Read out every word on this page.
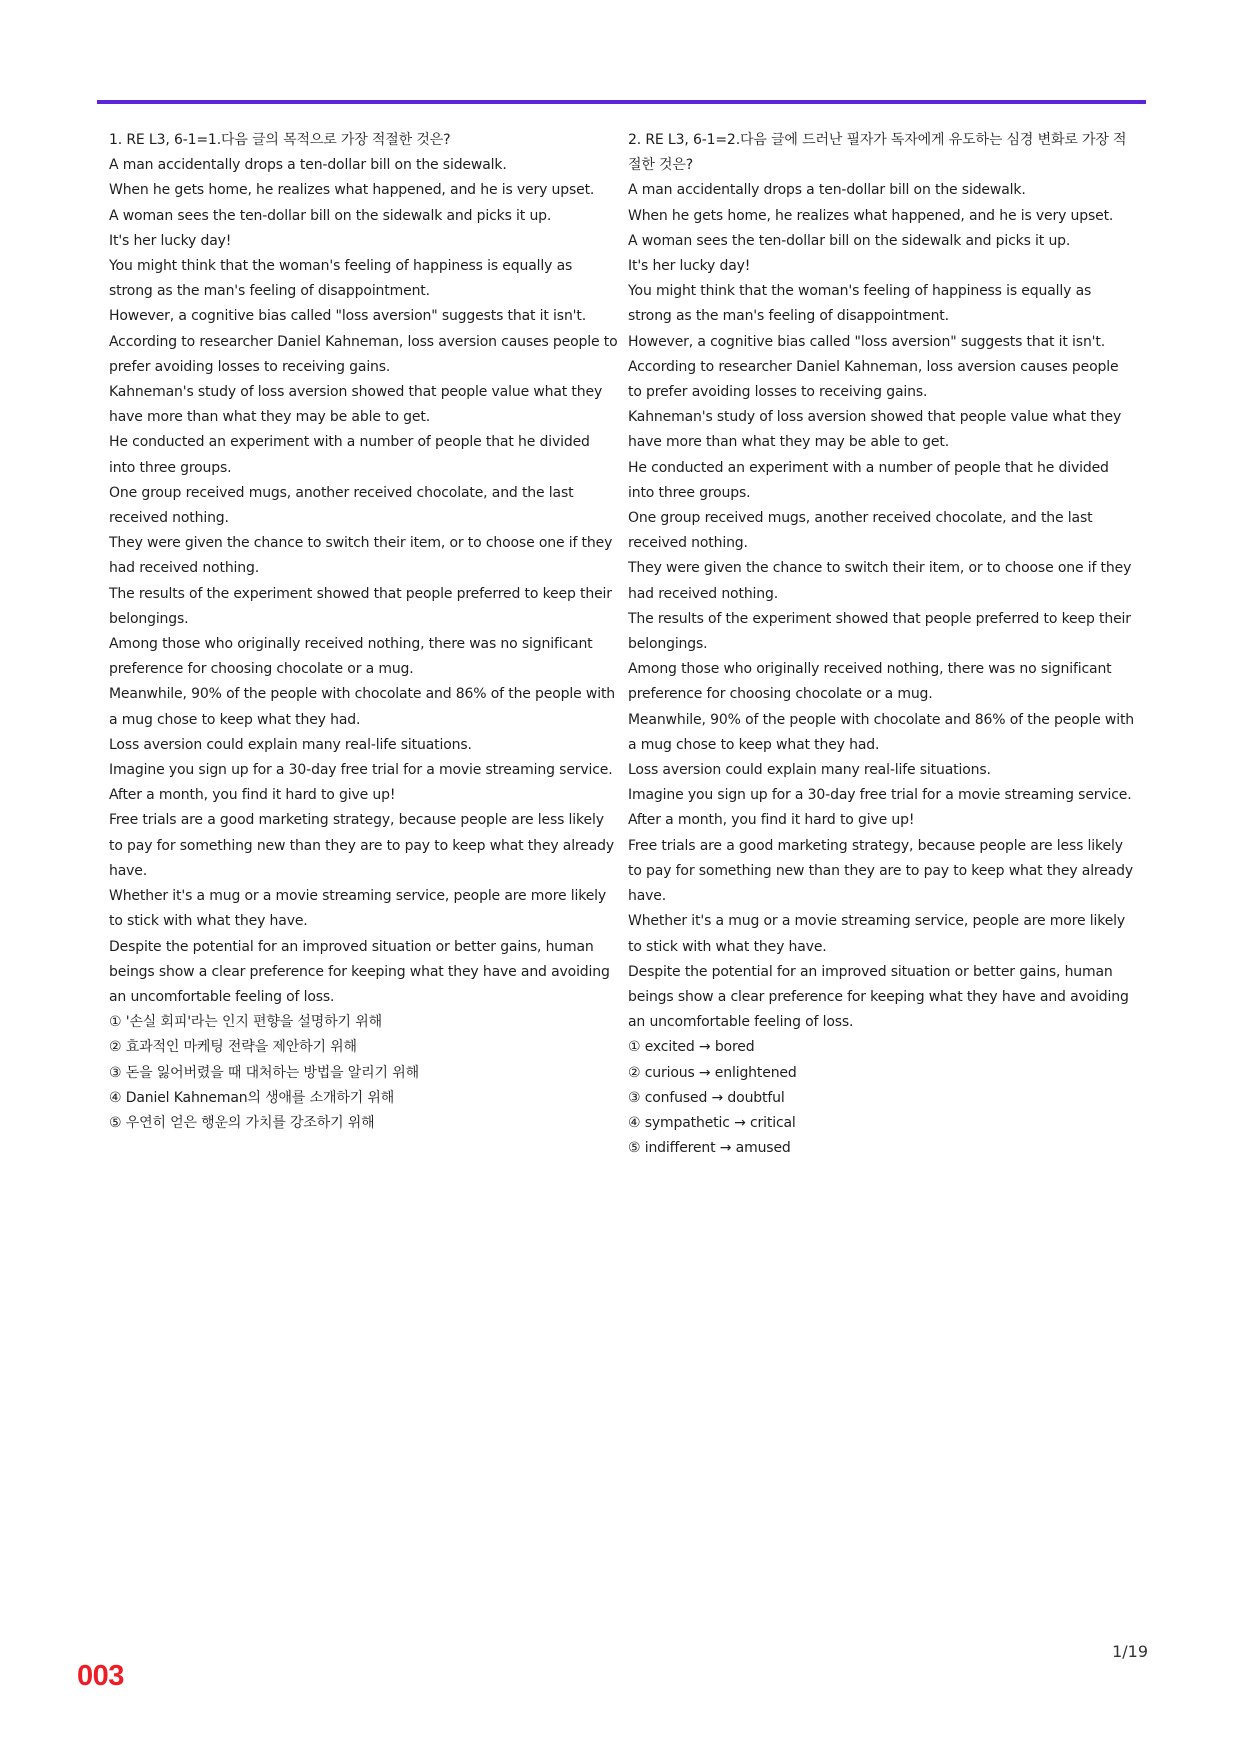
1. RE L3, 6-1=1.다음 글의 목적으로 가장 적절한 것은?

A man accidentally drops a ten-dollar bill on the sidewalk.

When he gets home, he realizes what happened, and he is very upset.

A woman sees the ten-dollar bill on the sidewalk and picks it up.

It's her lucky day!

You might think that the woman's feeling of happiness is equally as strong as the man's feeling of disappointment.

However, a cognitive bias called "loss aversion" suggests that it isn't.

According to researcher Daniel Kahneman, loss aversion causes people to prefer avoiding losses to receiving gains.

Kahneman's study of loss aversion showed that people value what they have more than what they may be able to get.

He conducted an experiment with a number of people that he divided into three groups.

One group received mugs, another received chocolate, and the last received nothing.

They were given the chance to switch their item, or to choose one if they had received nothing.

The results of the experiment showed that people preferred to keep their belongings.

Among those who originally received nothing, there was no significant preference for choosing chocolate or a mug.

Meanwhile, 90% of the people with chocolate and 86% of the people with a mug chose to keep what they had.

Loss aversion could explain many real-life situations.

Imagine you sign up for a 30-day free trial for a movie streaming service.

After a month, you find it hard to give up!

Free trials are a good marketing strategy, because people are less likely to pay for something new than they are to pay to keep what they already have.

Whether it's a mug or a movie streaming service, people are more likely to stick with what they have.

Despite the potential for an improved situation or better gains, human beings show a clear preference for keeping what they have and avoiding an uncomfortable feeling of loss.

① '손실 회피'라는 인지 편향을 설명하기 위해

② 효과적인 마케팅 전략을 제안하기 위해

③ 돈을 잃어버렸을 때 대처하는 방법을 알리기 위해

④ Daniel Kahneman의 생애를 소개하기 위해

⑤ 우연히 얻은 행운의 가치를 강조하기 위해

2. RE L3, 6-1=2.다음 글에 드러난 필자가 독자에게 유도하는 심경 변화로 가장 적절한 것은?

A man accidentally drops a ten-dollar bill on the sidewalk.

When he gets home, he realizes what happened, and he is very upset.

A woman sees the ten-dollar bill on the sidewalk and picks it up.

It's her lucky day!

You might think that the woman's feeling of happiness is equally as strong as the man's feeling of disappointment.

However, a cognitive bias called "loss aversion" suggests that it isn't.

According to researcher Daniel Kahneman, loss aversion causes people to prefer avoiding losses to receiving gains.

Kahneman's study of loss aversion showed that people value what they have more than what they may be able to get.

He conducted an experiment with a number of people that he divided into three groups.

One group received mugs, another received chocolate, and the last received nothing.

They were given the chance to switch their item, or to choose one if they had received nothing.

The results of the experiment showed that people preferred to keep their belongings.

Among those who originally received nothing, there was no significant preference for choosing chocolate or a mug.

Meanwhile, 90% of the people with chocolate and 86% of the people with a mug chose to keep what they had.

Loss aversion could explain many real-life situations.

Imagine you sign up for a 30-day free trial for a movie streaming service.

After a month, you find it hard to give up!

Free trials are a good marketing strategy, because people are less likely to pay for something new than they are to pay to keep what they already have.

Whether it's a mug or a movie streaming service, people are more likely to stick with what they have.

Despite the potential for an improved situation or better gains, human beings show a clear preference for keeping what they have and avoiding an uncomfortable feeling of loss.

① excited → bored

② curious → enlightened

③ confused → doubtful

④ sympathetic → critical

⑤ indifferent → amused

1/19
003
